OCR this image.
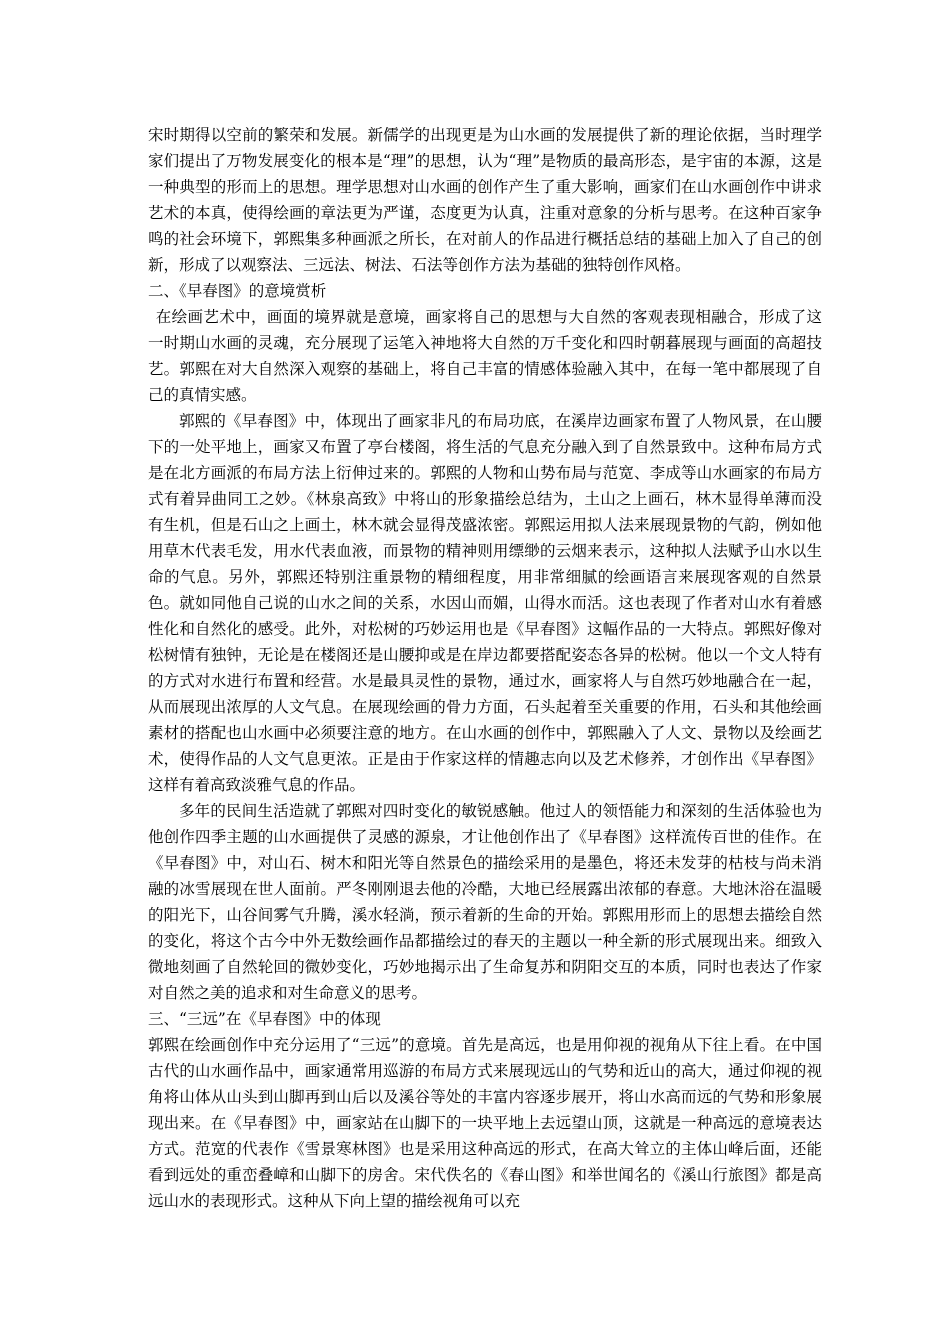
宋时期得以空前的繁荣和发展。新儒学的出现更是为山水画的发展提供了新的理论依据，当时理学家们提出了万物发展变化的根本是“理”的思想，认为“理”是物质的最高形态，是宇宙的本源，这是一种典型的形而上的思想。理学思想对山水画的创作产生了重大影响，画家们在山水画创作中讲求艺术的本真，使得绘画的章法更为严谨，态度更为认真，注重对意象的分析与思考。在这种百家争鸣的社会环境下，郭熙集多种画派之所长，在对前人的作品进行概括总结的基础上加入了自己的创新，形成了以观察法、三远法、树法、石法等创作方法为基础的独特创作风格。

二、《早春图》的意境赏析

在绘画艺术中，画面的境界就是意境，画家将自己的思想与大自然的客观表现相融合，形成了这一时期山水画的灵魂，充分展现了运笔入神地将大自然的万千变化和四时朝暮展现与画面的高超技艺。郭熙在对大自然深入观察的基础上，将自己丰富的情感体验融入其中，在每一笔中都展现了自己的真情实感。

郭熙的《早春图》中，体现出了画家非凡的布局功底，在溪岸边画家布置了人物风景，在山腰下的一处平地上，画家又布置了亭台楼阁，将生活的气息充分融入到了自然景致中。这种布局方式是在北方画派的布局方法上衍伸过来的。郭熙的人物和山势布局与范宽、李成等山水画家的布局方式有着异曲同工之妙。《林泉高致》中将山的形象描绘总结为，土山之上画石，林木显得单薄而没有生机，但是石山之上画土，林木就会显得茂盛浓密。郭熙运用拟人法来展现景物的气韵，例如他用草木代表毛发，用水代表血液，而景物的精神则用缥缈的云烟来表示，这种拟人法赋予山水以生命的气息。另外，郭熙还特别注重景物的精细程度，用非常细腻的绘画语言来展现客观的自然景色。就如同他自己说的山水之间的关系，水因山而媚，山得水而活。这也表现了作者对山水有着感性化和自然化的感受。此外，对松树的巧妙运用也是《早春图》这幅作品的一大特点。郭熙好像对松树情有独钟，无论是在楼阁还是山腰抑或是在岸边都要搭配姿态各异的松树。他以一个文人特有的方式对水进行布置和经营。水是最具灵性的景物，通过水，画家将人与自然巧妙地融合在一起，从而展现出浓厚的人文气息。在展现绘画的骨力方面，石头起着至关重要的作用，石头和其他绘画素材的搭配也山水画中必须要注意的地方。在山水画的创作中，郭熙融入了人文、景物以及绘画艺术，使得作品的人文气息更浓。正是由于作家这样的情趣志向以及艺术修养，才创作出《早春图》这样有着高致淡雅气息的作品。

多年的民间生活造就了郭熙对四时变化的敏锐感触。他过人的领悟能力和深刻的生活体验也为他创作四季主题的山水画提供了灵感的源泉，才让他创作出了《早春图》这样流传百世的佳作。在《早春图》中，对山石、树木和阳光等自然景色的描绘采用的是墨色，将还未发芽的枯枝与尚未消融的冰雪展现在世人面前。严冬刚刚退去他的冷酷，大地已经展露出浓郁的春意。大地沐浴在温暖的阳光下，山谷间雾气升腾，溪水轻淌，预示着新的生命的开始。郭熙用形而上的思想去描绘自然的变化，将这个古今中外无数绘画作品都描绘过的春天的主题以一种全新的形式展现出来。细致入微地刻画了自然轮回的微妙变化，巧妙地揭示出了生命复苏和阴阳交互的本质，同时也表达了作家对自然之美的追求和对生命意义的思考。

三、“三远”在《早春图》中的体现

郭熙在绘画创作中充分运用了“三远”的意境。首先是高远，也是用仰视的视角从下往上看。在中国古代的山水画作品中，画家通常用巡游的布局方式来展现远山的气势和近山的高大，通过仰视的视角将山体从山头到山脚再到山后以及溪谷等处的丰富内容逐步展开，将山水高而远的气势和形象展现出来。在《早春图》中，画家站在山脚下的一块平地上去远望山顶，这就是一种高远的意境表达方式。范宽的代表作《雪景寒林图》也是采用这种高远的形式，在高大耸立的主体山峰后面，还能看到远处的重峦叠嶂和山脚下的房舍。宋代佚名的《春山图》和举世闻名的《溪山行旅图》都是高远山水的表现形式。这种从下向上望的描绘视角可以充
